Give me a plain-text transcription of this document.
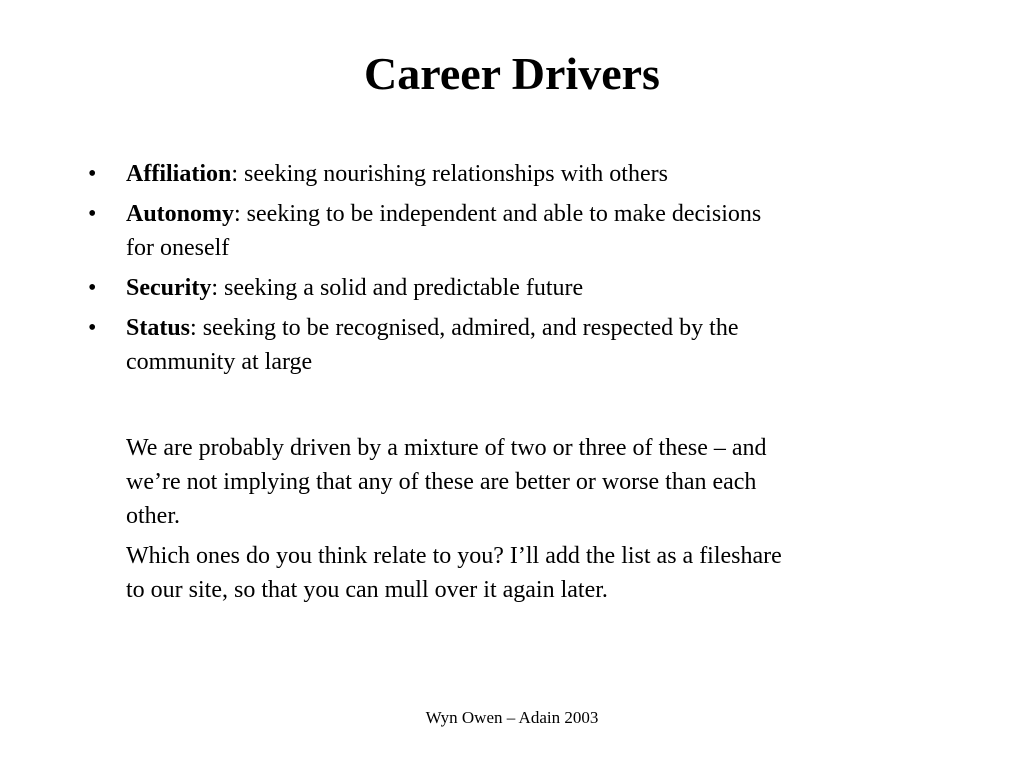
Career Drivers
• Affiliation: seeking nourishing relationships with others
• Autonomy: seeking to be independent and able to make decisions for oneself
• Security: seeking a solid and predictable future
• Status: seeking to be recognised, admired, and respected by the community at large

We are probably driven by a mixture of two or three of these – and we’re not implying that any of these are better or worse than each other.

Which ones do you think relate to you? I’ll add the list as a fileshare to our site, so that you can mull over it again later.

Wyn Owen – Adain 2003
